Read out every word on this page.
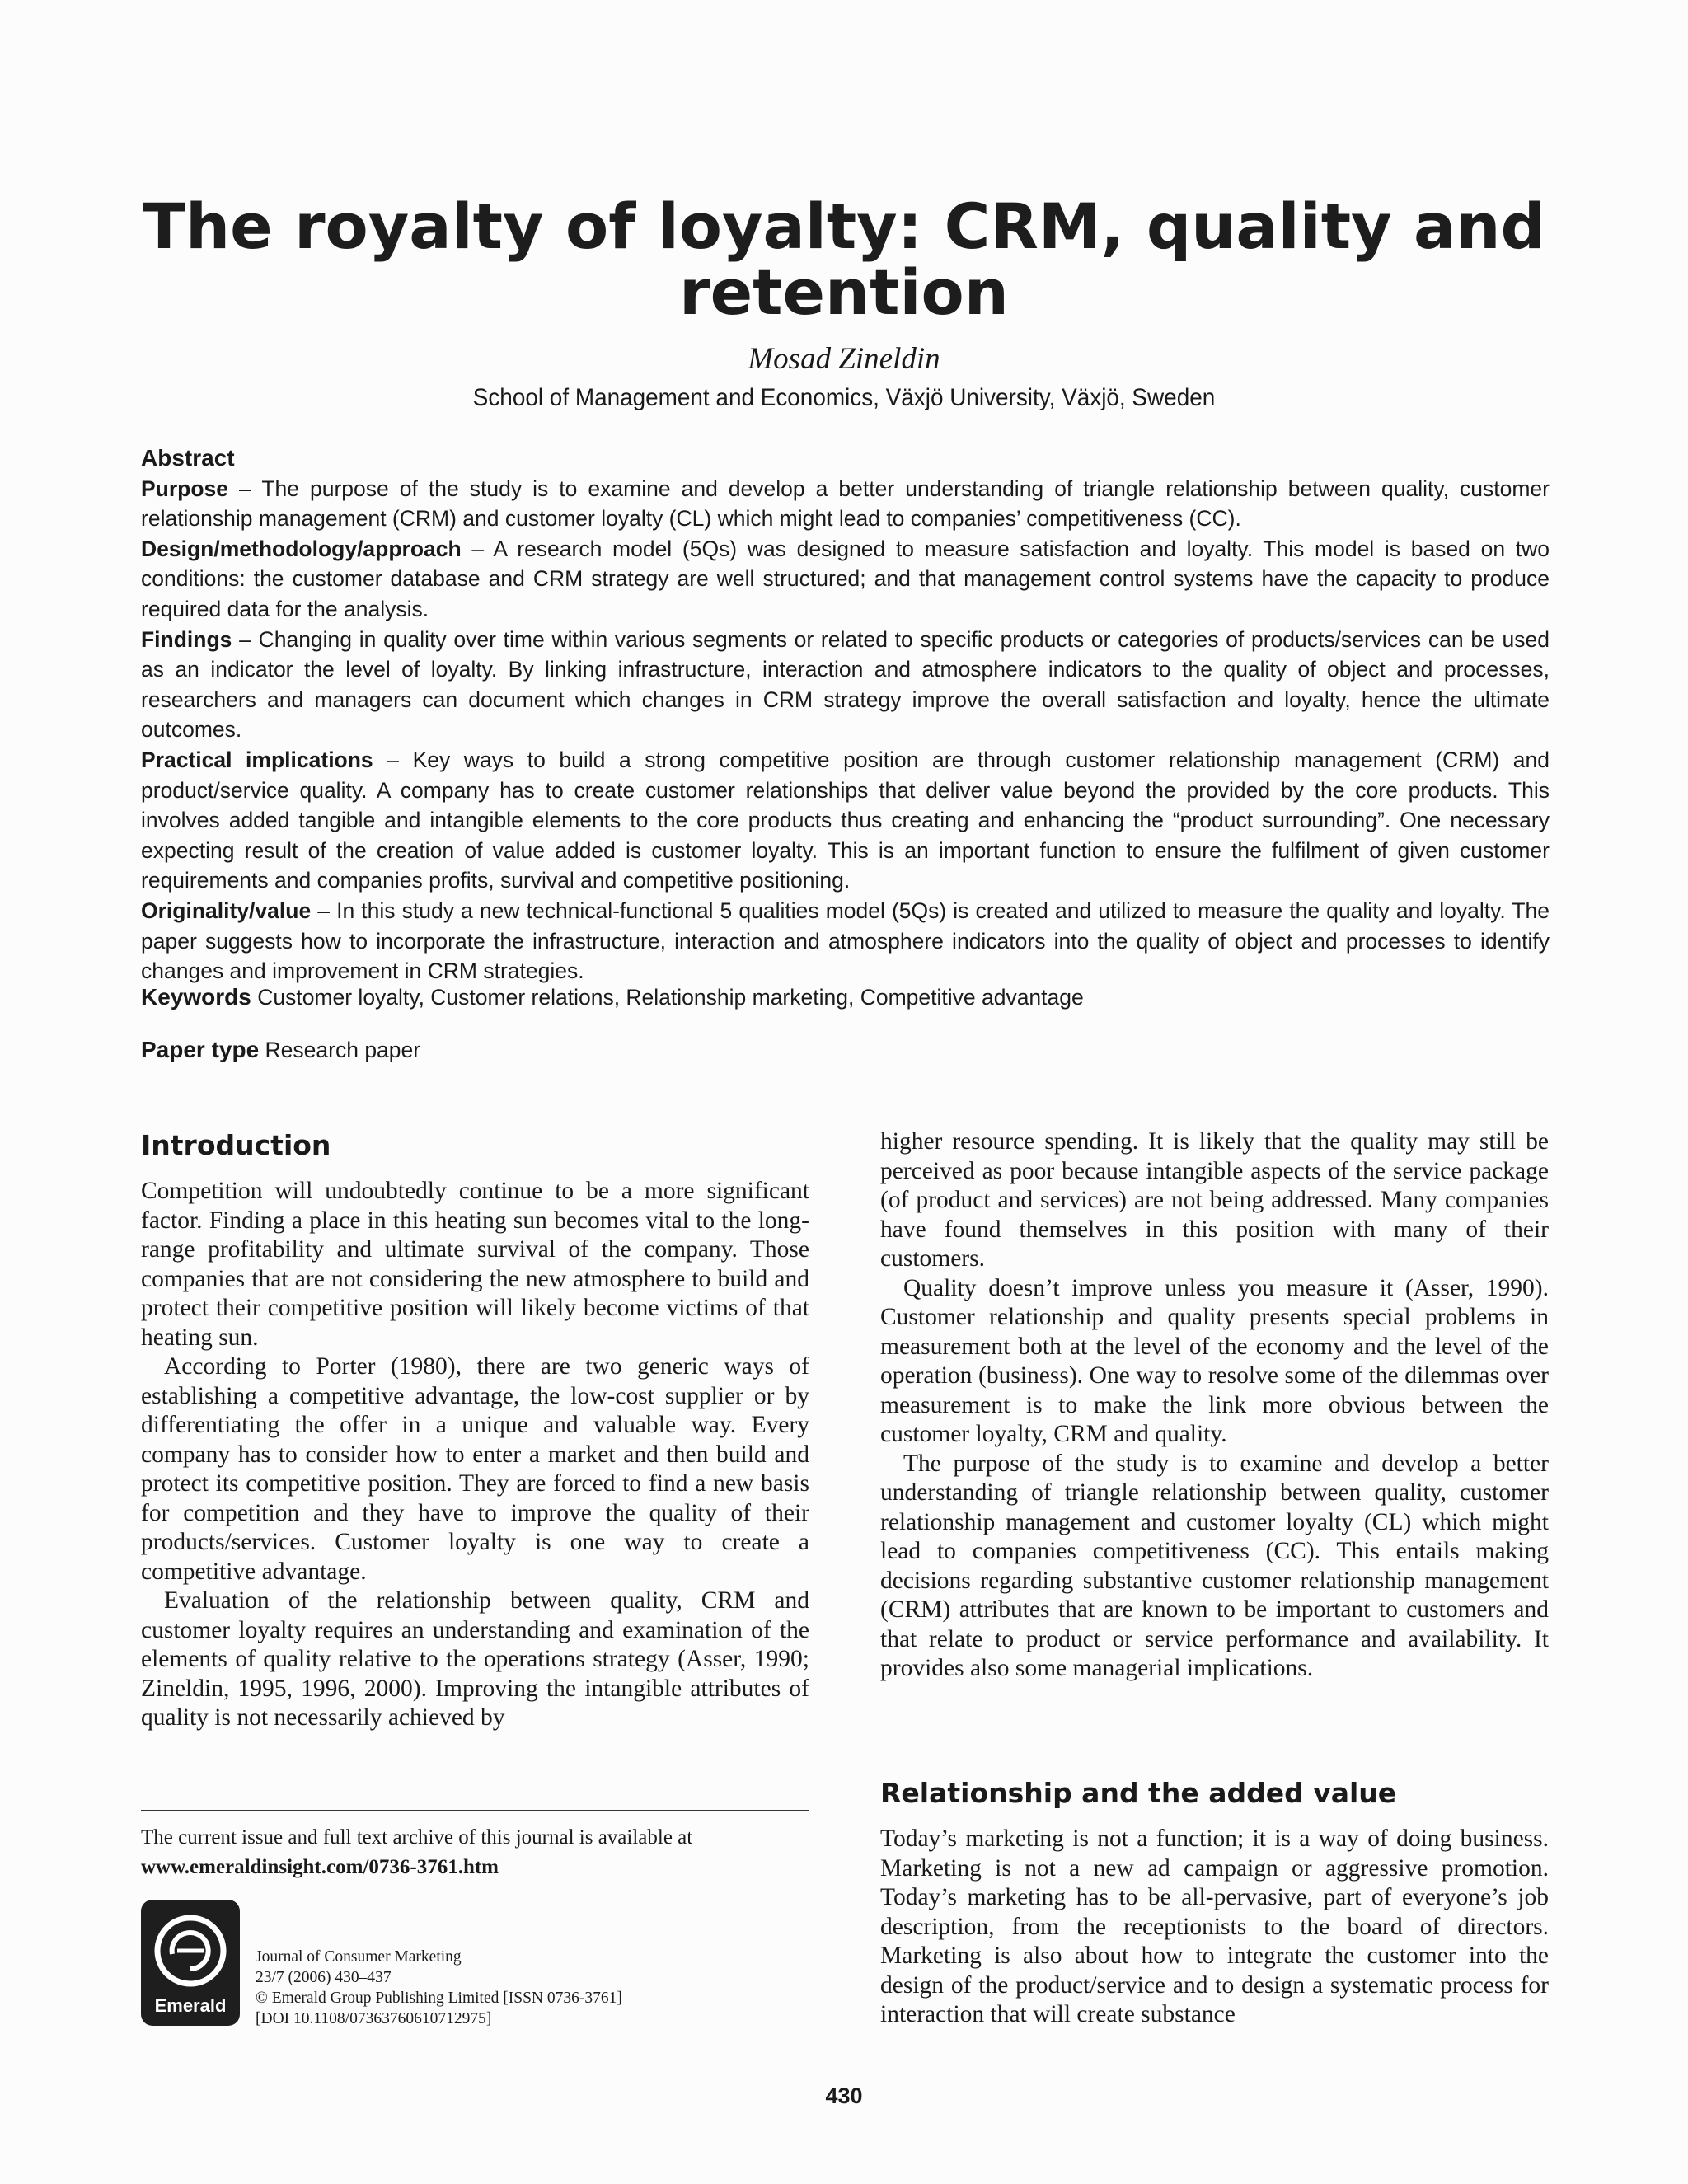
The royalty of loyalty: CRM, quality and retention
Mosad Zineldin
School of Management and Economics, Växjö University, Växjö, Sweden
Abstract

Purpose – The purpose of the study is to examine and develop a better understanding of triangle relationship between quality, customer relationship management (CRM) and customer loyalty (CL) which might lead to companies’ competitiveness (CC).

Design/methodology/approach – A research model (5Qs) was designed to measure satisfaction and loyalty. This model is based on two conditions: the customer database and CRM strategy are well structured; and that management control systems have the capacity to produce required data for the analysis.

Findings – Changing in quality over time within various segments or related to specific products or categories of products/services can be used as an indicator the level of loyalty. By linking infrastructure, interaction and atmosphere indicators to the quality of object and processes, researchers and managers can document which changes in CRM strategy improve the overall satisfaction and loyalty, hence the ultimate outcomes.

Practical implications – Key ways to build a strong competitive position are through customer relationship management (CRM) and product/service quality. A company has to create customer relationships that deliver value beyond the provided by the core products. This involves added tangible and intangible elements to the core products thus creating and enhancing the “product surrounding”. One necessary expecting result of the creation of value added is customer loyalty. This is an important function to ensure the fulfilment of given customer requirements and companies profits, survival and competitive positioning.

Originality/value – In this study a new technical-functional 5 qualities model (5Qs) is created and utilized to measure the quality and loyalty. The paper suggests how to incorporate the infrastructure, interaction and atmosphere indicators into the quality of object and processes to identify changes and improvement in CRM strategies.

Keywords Customer loyalty, Customer relations, Relationship marketing, Competitive advantage
Paper type Research paper
Introduction

Competition will undoubtedly continue to be a more significant factor. Finding a place in this heating sun becomes vital to the long-range profitability and ultimate survival of the company. Those companies that are not considering the new atmosphere to build and protect their competitive position will likely become victims of that heating sun.

According to Porter (1980), there are two generic ways of establishing a competitive advantage, the low-cost supplier or by differentiating the offer in a unique and valuable way. Every company has to consider how to enter a market and then build and protect its competitive position. They are forced to find a new basis for competition and they have to improve the quality of their products/services. Customer loyalty is one way to create a competitive advantage.

Evaluation of the relationship between quality, CRM and customer loyalty requires an understanding and examination of the elements of quality relative to the operations strategy (Asser, 1990; Zineldin, 1995, 1996, 2000). Improving the intangible attributes of quality is not necessarily achieved by

higher resource spending. It is likely that the quality may still be perceived as poor because intangible aspects of the service package (of product and services) are not being addressed. Many companies have found themselves in this position with many of their customers.

Quality doesn’t improve unless you measure it (Asser, 1990). Customer relationship and quality presents special problems in measurement both at the level of the economy and the level of the operation (business). One way to resolve some of the dilemmas over measurement is to make the link more obvious between the customer loyalty, CRM and quality.

The purpose of the study is to examine and develop a better understanding of triangle relationship between quality, customer relationship management and customer loyalty (CL) which might lead to companies competitiveness (CC). This entails making decisions regarding substantive customer relationship management (CRM) attributes that are known to be important to customers and that relate to product or service performance and availability. It provides also some managerial implications.

Relationship and the added value

Today’s marketing is not a function; it is a way of doing business. Marketing is not a new ad campaign or aggressive promotion. Today’s marketing has to be all-pervasive, part of everyone’s job description, from the receptionists to the board of directors. Marketing is also about how to integrate the customer into the design of the product/service and to design a systematic process for interaction that will create substance

The current issue and full text archive of this journal is available at
www.emeraldinsight.com/0736-3761.htm
Emerald
Journal of Consumer Marketing
23/7 (2006) 430–437
© Emerald Group Publishing Limited [ISSN 0736-3761]
[DOI 10.1108/07363760610712975]
430
